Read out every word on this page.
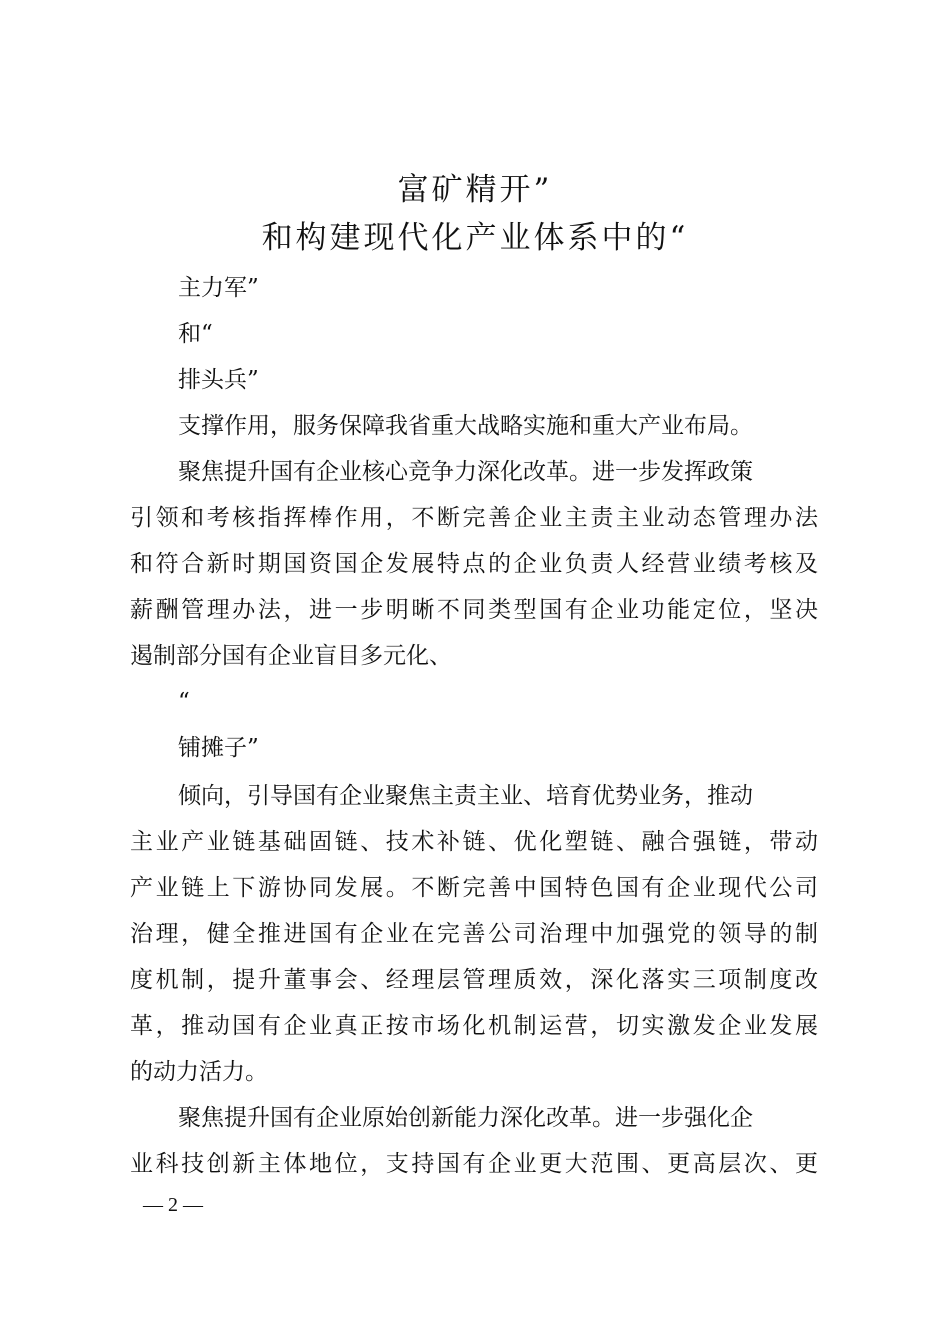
富矿精开”
和构建现代化产业体系中的“
主力军”
和“
排头兵”
支撑作用，服务保障我省重大战略实施和重大产业布局。
聚焦提升国有企业核心竞争力深化改革。进一步发挥政策
引领和考核指挥棒作用，不断完善企业主责主业动态管理办法
和符合新时期国资国企发展特点的企业负责人经营业绩考核及
薪酬管理办法，进一步明晰不同类型国有企业功能定位，坚决
遏制部分国有企业盲目多元化、
“
铺摊子”
倾向，引导国有企业聚焦主责主业、培育优势业务，推动
主业产业链基础固链、技术补链、优化塑链、融合强链，带动
产业链上下游协同发展。不断完善中国特色国有企业现代公司
治理，健全推进国有企业在完善公司治理中加强党的领导的制
度机制，提升董事会、经理层管理质效，深化落实三项制度改
革，推动国有企业真正按市场化机制运营，切实激发企业发展
的动力活力。
聚焦提升国有企业原始创新能力深化改革。进一步强化企
业科技创新主体地位，支持国有企业更大范围、更高层次、更
— 2 —
